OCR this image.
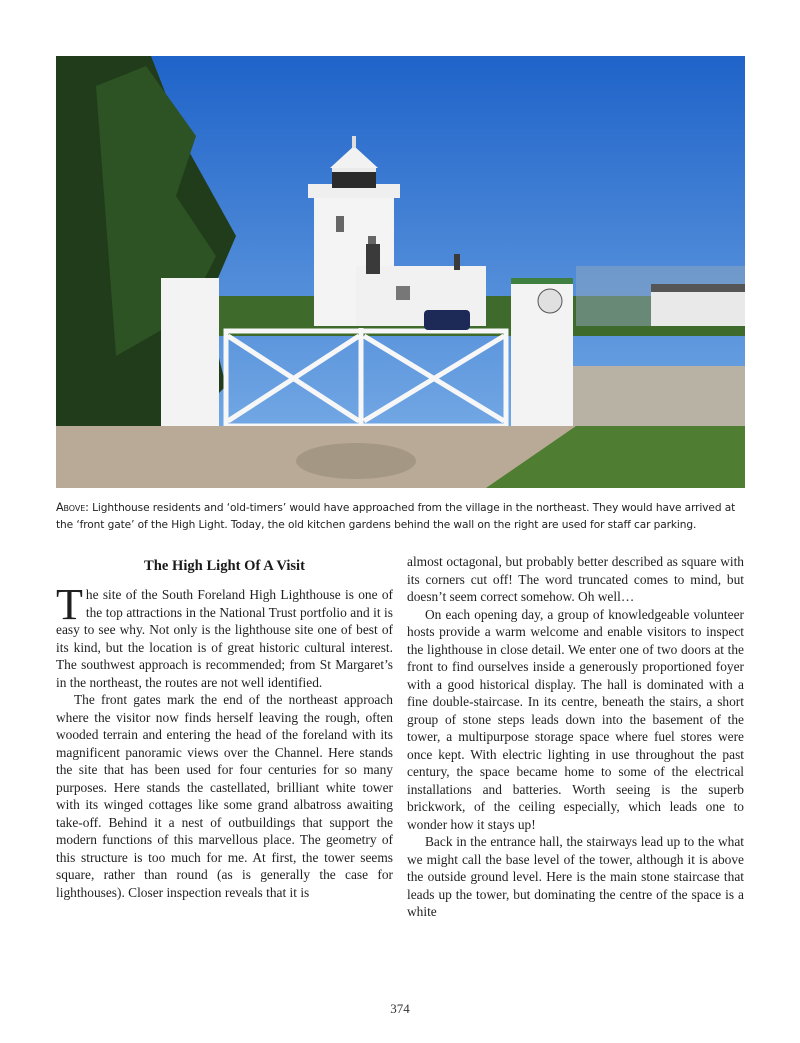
Above: Lighthouse residents and ‘old-timers’ would have approached from the village in the northeast. They would have arrived at the ‘front gate’ of the High Light. Today, the old kitchen gardens behind the wall on the right are used for staff car parking.
The High Light Of A Visit

The site of the South Foreland High Lighthouse is one of the top attractions in the National Trust portfolio and it is easy to see why. Not only is the lighthouse site one of best of its kind, but the location is of great historic cultural interest. The southwest approach is recommended; from St Margaret’s in the northeast, the routes are not well identified.

The front gates mark the end of the northeast approach where the visitor now finds herself leaving the rough, often wooded terrain and entering the head of the foreland with its magnificent panoramic views over the Channel. Here stands the site that has been used for four centuries for so many purposes. Here stands the castellated, brilliant white tower with its winged cottages like some grand albatross awaiting take-off. Behind it a nest of outbuildings that support the modern functions of this marvellous place. The geometry of this structure is too much for me. At first, the tower seems square, rather than round (as is generally the case for lighthouses). Closer inspection reveals that it is

almost octagonal, but probably better described as square with its corners cut off! The word truncated comes to mind, but doesn’t seem correct somehow. Oh well…

On each opening day, a group of knowledgeable volunteer hosts provide a warm welcome and enable visitors to inspect the lighthouse in close detail. We enter one of two doors at the front to find ourselves inside a generously proportioned foyer with a good historical display. The hall is dominated with a fine double-staircase. In its centre, beneath the stairs, a short group of stone steps leads down into the basement of the tower, a multipurpose storage space where fuel stores were once kept. With electric lighting in use throughout the past century, the space became home to some of the electrical installations and batteries. Worth seeing is the superb brickwork, of the ceiling especially, which leads one to wonder how it stays up!

Back in the entrance hall, the stairways lead up to the what we might call the base level of the tower, although it is above the outside ground level. Here is the main stone staircase that leads up the tower, but dominating the centre of the space is a white

374
